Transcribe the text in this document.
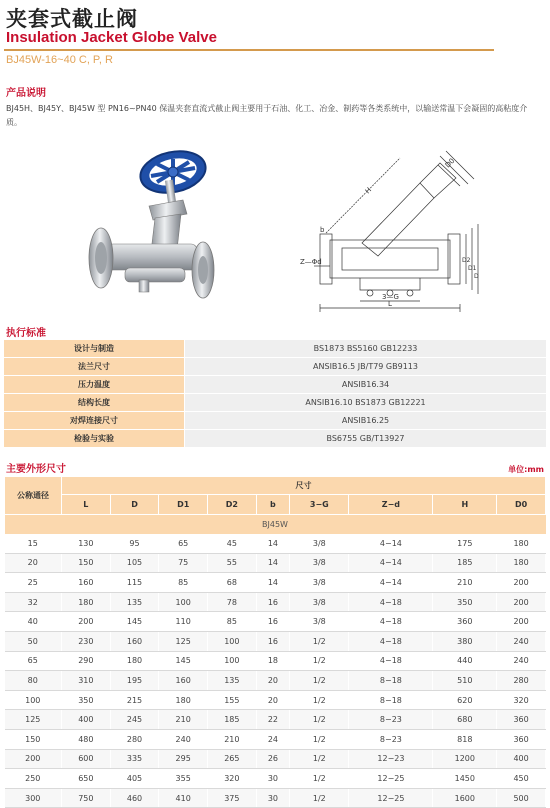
夹套式截止阀
Insulation Jacket Globe Valve
BJ45W-16~40 C, P, R
产品说明
BJ45H、BJ45Y、BJ45W 型 PN16~PN40 保温夹套直流式截止阀主要用于石油、化工、冶金、制药等各类系统中，以输送常温下会凝固的高粘度介质。
H
D0
Z—Φd
3—G
L
b
D2
D1
D
执行标准
设计与制造	BS1873 BS5160 GB12233
法兰尺寸	ANSIB16.5 JB/T79 GB9113
压力温度	ANSIB16.34
结构长度	ANSIB16.10 BS1873 GB12221
对焊连接尺寸	ANSIB16.25
检验与实验	BS6755 GB/T13927
主要外形尺寸	单位:mm
公称通径	尺寸								
	L	D	D1	D2	b	3−G	Z−d	H	D0
BJ45W									
15	130	95	65	45	14	3/8	4−14	175	180
20	150	105	75	55	14	3/8	4−14	185	180
25	160	115	85	68	14	3/8	4−14	210	200
32	180	135	100	78	16	3/8	4−18	350	200
40	200	145	110	85	16	3/8	4−18	360	200
50	230	160	125	100	16	1/2	4−18	380	240
65	290	180	145	100	18	1/2	4−18	440	240
80	310	195	160	135	20	1/2	8−18	510	280
100	350	215	180	155	20	1/2	8−18	620	320
125	400	245	210	185	22	1/2	8−23	680	360
150	480	280	240	210	24	1/2	8−23	818	360
200	600	335	295	265	26	1/2	12−23	1200	400
250	650	405	355	320	30	1/2	12−25	1450	450
300	750	460	410	375	30	1/2	12−25	1600	500
